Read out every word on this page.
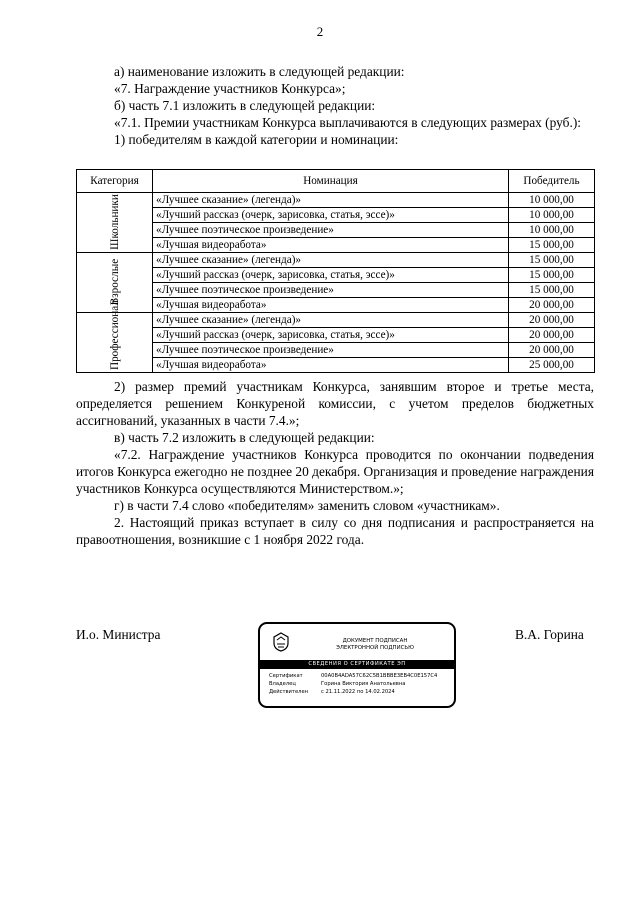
2

а) наименование изложить в следующей редакции:

«7. Награждение участников Конкурса»;

б) часть 7.1 изложить в следующей редакции:

«7.1. Премии участникам Конкурса выплачиваются в следующих размерах (руб.):

1) победителям в каждой категории и номинации:

Категория	Номинация	Победитель
Школьники	«Лучшее сказание» (легенда)»	10 000,00
	«Лучший рассказ (очерк, зарисовка, статья, эссе)»	10 000,00
	«Лучшее поэтическое произведение»	10 000,00
	«Лучшая видеоработа»	15 000,00
Взрослые	«Лучшее сказание» (легенда)»	15 000,00
	«Лучший рассказ (очерк, зарисовка, статья, эссе)»	15 000,00
	«Лучшее поэтическое произведение»	15 000,00
	«Лучшая видеоработа»	20 000,00
Профессионал	«Лучшее сказание» (легенда)»	20 000,00
	«Лучший рассказ (очерк, зарисовка, статья, эссе)»	20 000,00
	«Лучшее поэтическое произведение»	20 000,00
	«Лучшая видеоработа»	25 000,00

2) размер премий участникам Конкурса, занявшим второе и третье места, определяется решением Конкуреной комиссии, с учетом пределов бюджетных ассигнований, указанных в части 7.4.»;

в) часть 7.2 изложить в следующей редакции:

«7.2. Награждение участников Конкурса проводится по окончании подведения итогов Конкурса ежегодно не позднее 20 декабря. Организация и проведение награждения участников Конкурса осуществляются Министерством.»;

г) в части 7.4 слово «победителям» заменить словом «участникам».

2. Настоящий приказ вступает в силу со дня подписания и распространяется на правоотношения, возникшие с 1 ноября 2022 года.

И.о. Министра	В.А. Горина
ДОКУМЕНТ ПОДПИСАН
ЭЛЕКТРОННОЙ ПОДПИСЬЮ
СВЕДЕНИЯ О СЕРТИФИКАТЕ ЭП
Сертификат	00A0B4ADA57C62C5B1BBBE3EB4C0E157C4
Владелец	Горина Виктория Анатольевна
Действителен	с 21.11.2022 по 14.02.2024
